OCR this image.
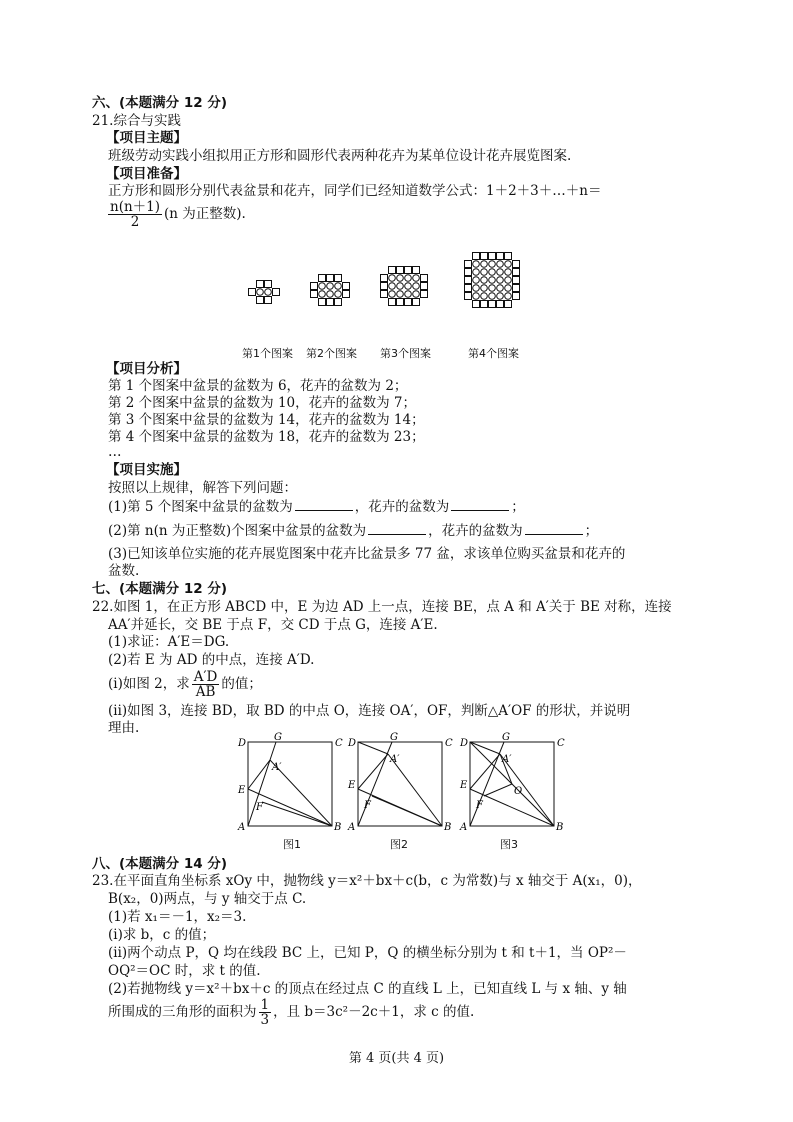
六、(本题满分 12 分)
21.综合与实践
【项目主题】
班级劳动实践小组拟用正方形和圆形代表两种花卉为某单位设计花卉展览图案.
【项目准备】
正方形和圆形分别代表盆景和花卉，同学们已经知道数学公式：1＋2＋3＋…＋n＝
$\frac{n(n+1)}{2} (n$ 为正整数).
第1个图案 第2个图案 第3个图案	第4个图案
【项目分析】
第 1 个图案中盆景的盆数为 6，花卉的盆数为 2；
第 2 个图案中盆景的盆数为 10，花卉的盆数为 7；
第 3 个图案中盆景的盆数为 14，花卉的盆数为 14；
第 4 个图案中盆景的盆数为 18，花卉的盆数为 23；
…
【项目实施】
按照以上规律，解答下列问题：
(1)第 5 个图案中盆景的盆数为	，花卉的盆数为	；
(2)第 n(n 为正整数)个图案中盆景的盆数为	，花卉的盆数为	；
(3)已知该单位实施的花卉展览图案中花卉比盆景多 77 盆，求该单位购买盆景和花卉的
盆数.
七、(本题满分 12 分)
22.如图 1，在正方形 ABCD 中，E 为边 AD 上一点，连接 BE，点 A 和 A′关于 BE 对称，连接
AA′并延长，交 BE 于点 F，交 CD 于点 G，连接 A′E.
(1)求证：A′E＝DG.
(2)若 E 为 AD 的中点，连接 A′D.
(ⅰ)如图 2，求 $\frac{A'D}{AB}$ 的值；
(ⅱ)如图 3，连接 BD，取 BD 的中点 O，连接 OA′，OF，判断△A′OF 的形状，并说明
理由.
D
G
C
A′
E
F
A	B
D
G
C
A′
E
F
A	B
D
G
C
A′
O
E
F
A	B
图1	图2	图3
八、(本题满分 14 分)
23.在平面直角坐标系 xOy 中，抛物线 y＝x²＋bx＋c(b，c 为常数)与 x 轴交于 A(x₁，0)，
B(x₂，0)两点，与 y 轴交于点 C.
(1)若 x₁＝－1，x₂＝3.
(ⅰ)求 b，c 的值；
(ⅱ)两个动点 P，Q 均在线段 BC 上，已知 P，Q 的横坐标分别为 t 和 t＋1，当 OP²－
OQ²＝OC 时，求 t 的值.
(2)若抛物线 y＝x²＋bx＋c 的顶点在经过点 C 的直线 L 上，已知直线 L 与 x 轴、y 轴
所围成的三角形的面积为 $\frac{1}{3}$ ，且 b＝3c²－2c＋1，求 c 的值.
第 4 页(共 4 页)
